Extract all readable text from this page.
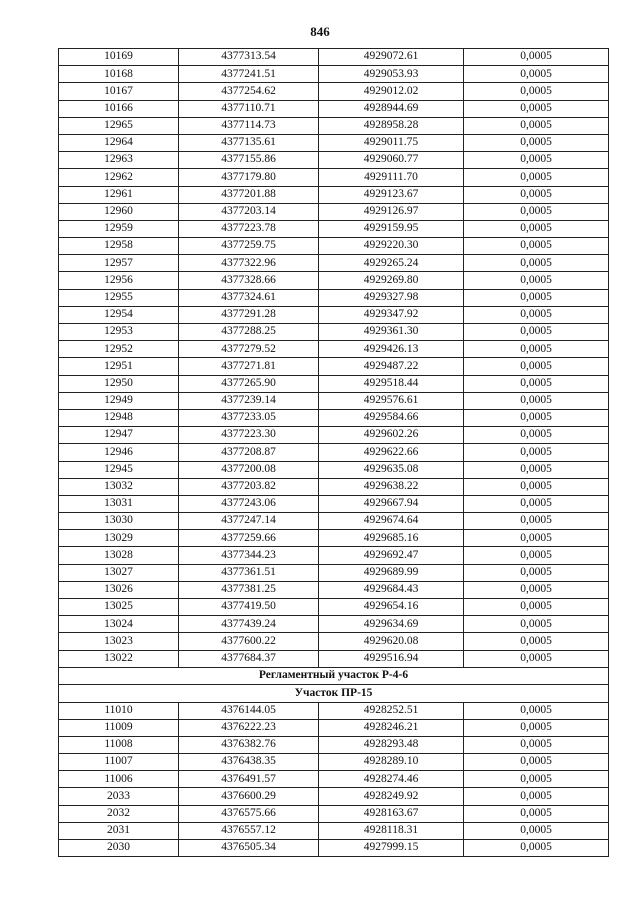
846
10169	4377313.54	4929072.61	0,0005
10168	4377241.51	4929053.93	0,0005
10167	4377254.62	4929012.02	0,0005
10166	4377110.71	4928944.69	0,0005
12965	4377114.73	4928958.28	0,0005
12964	4377135.61	4929011.75	0,0005
12963	4377155.86	4929060.77	0,0005
12962	4377179.80	4929111.70	0,0005
12961	4377201.88	4929123.67	0,0005
12960	4377203.14	4929126.97	0,0005
12959	4377223.78	4929159.95	0,0005
12958	4377259.75	4929220.30	0,0005
12957	4377322.96	4929265.24	0,0005
12956	4377328.66	4929269.80	0,0005
12955	4377324.61	4929327.98	0,0005
12954	4377291.28	4929347.92	0,0005
12953	4377288.25	4929361.30	0,0005
12952	4377279.52	4929426.13	0,0005
12951	4377271.81	4929487.22	0,0005
12950	4377265.90	4929518.44	0,0005
12949	4377239.14	4929576.61	0,0005
12948	4377233.05	4929584.66	0,0005
12947	4377223.30	4929602.26	0,0005
12946	4377208.87	4929622.66	0,0005
12945	4377200.08	4929635.08	0,0005
13032	4377203.82	4929638.22	0,0005
13031	4377243.06	4929667.94	0,0005
13030	4377247.14	4929674.64	0,0005
13029	4377259.66	4929685.16	0,0005
13028	4377344.23	4929692.47	0,0005
13027	4377361.51	4929689.99	0,0005
13026	4377381.25	4929684.43	0,0005
13025	4377419.50	4929654.16	0,0005
13024	4377439.24	4929634.69	0,0005
13023	4377600.22	4929620.08	0,0005
13022	4377684.37	4929516.94	0,0005
Регламентный участок Р-4-6			
Участок ПР-15			
11010	4376144.05	4928252.51	0,0005
11009	4376222.23	4928246.21	0,0005
11008	4376382.76	4928293.48	0,0005
11007	4376438.35	4928289.10	0,0005
11006	4376491.57	4928274.46	0,0005
2033	4376600.29	4928249.92	0,0005
2032	4376575.66	4928163.67	0,0005
2031	4376557.12	4928118.31	0,0005
2030	4376505.34	4927999.15	0,0005
